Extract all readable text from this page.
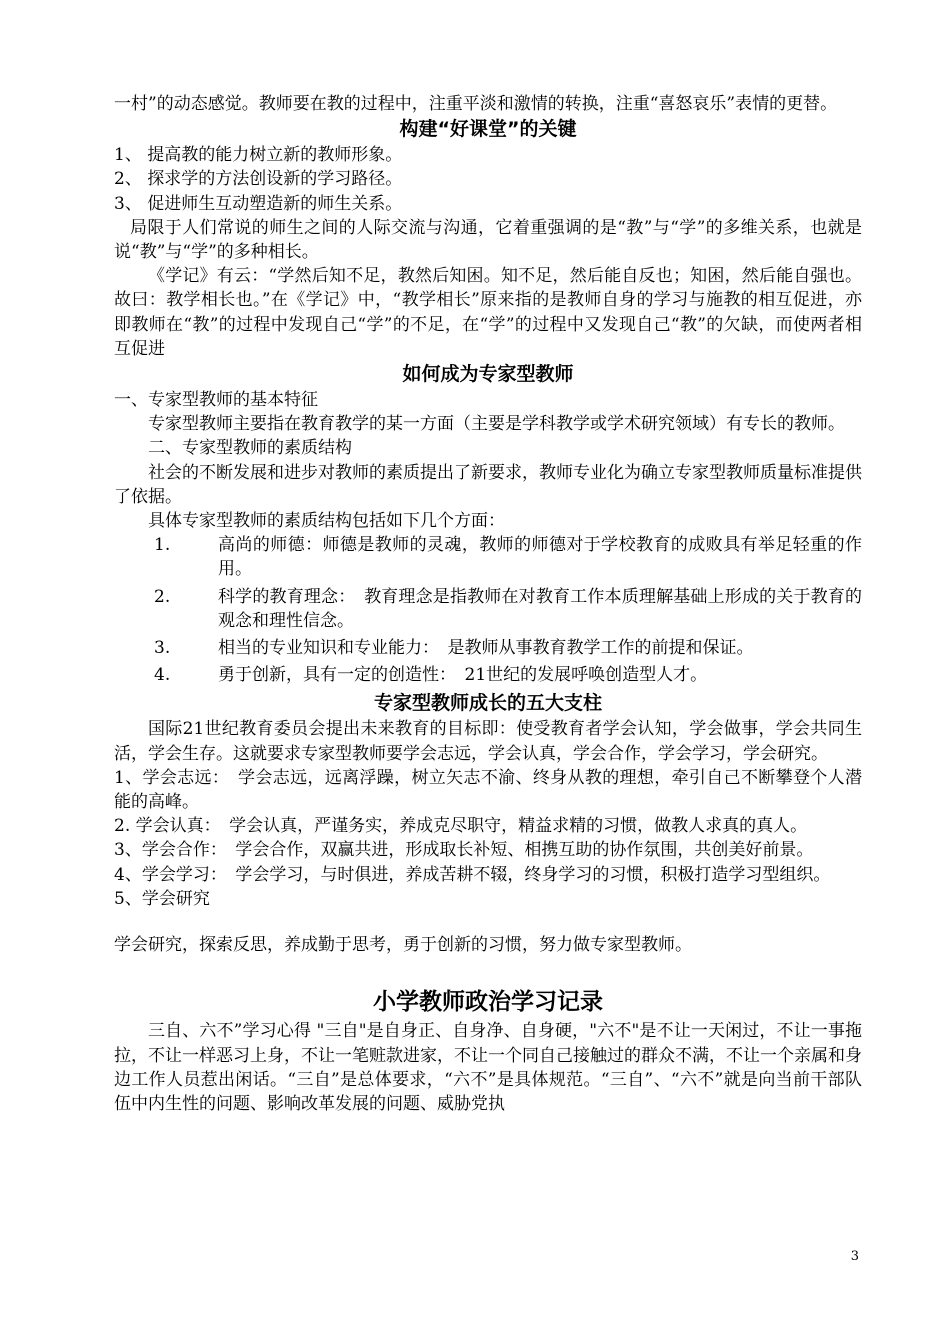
一村”的动态感觉。教师要在教的过程中，注重平淡和激情的转换，注重“喜怒哀乐”表情的更替。

构建“好课堂”的关键

1、 提高教的能力树立新的教师形象。

2、 探求学的方法创设新的学习路径。

3、 促进师生互动塑造新的师生关系。

局限于人们常说的师生之间的人际交流与沟通，它着重强调的是“教”与“学”的多维关系，也就是说“教”与“学”的多种相长。

《学记》有云：“学然后知不足，教然后知困。知不足，然后能自反也；知困，然后能自强也。故曰：教学相长也。”在《学记》中，“教学相长”原来指的是教师自身的学习与施教的相互促进，亦即教师在“教”的过程中发现自己“学”的不足，在“学”的过程中又发现自己“教”的欠缺，而使两者相互促进

如何成为专家型教师

一、专家型教师的基本特征

专家型教师主要指在教育教学的某一方面（主要是学科教学或学术研究领域）有专长的教师。

二、专家型教师的素质结构

社会的不断发展和进步对教师的素质提出了新要求，教师专业化为确立专家型教师质量标准提供了依据。

具体专家型教师的素质结构包括如下几个方面：

1.	高尚的师德：师德是教师的灵魂，教师的师德对于学校教育的成败具有举足轻重的作用。
2.	科学的教育理念：　教育理念是指教师在对教育工作本质理解基础上形成的关于教育的观念和理性信念。
3.	相当的专业知识和专业能力：　是教师从事教育教学工作的前提和保证。
4.	勇于创新，具有一定的创造性：　21世纪的发展呼唤创造型人才。
专家型教师成长的五大支柱

国际21世纪教育委员会提出未来教育的目标即：使受教育者学会认知，学会做事，学会共同生活，学会生存。这就要求专家型教师要学会志远，学会认真，学会合作，学会学习，学会研究。

1、学会志远：　学会志远，远离浮躁，树立矢志不渝、终身从教的理想，牵引自己不断攀登个人潜能的高峰。

2. 学会认真：　学会认真，严谨务实，养成克尽职守，精益求精的习惯，做教人求真的真人。

3、学会合作：　学会合作，双赢共进，形成取长补短、相携互助的协作氛围，共创美好前景。

4、学会学习：　学会学习，与时俱进，养成苦耕不辍，终身学习的习惯，积极打造学习型组织。

5、学会研究

学会研究，探索反思，养成勤于思考，勇于创新的习惯，努力做专家型教师。

小学教师政治学习记录

三自、六不”学习心得 "三自"是自身正、自身净、自身硬，"六不"是不让一天闲过，不让一事拖拉，不让一样恶习上身，不让一笔赃款进家，不让一个同自己接触过的群众不满，不让一个亲属和身边工作人员惹出闲话。“三自”是总体要求，“六不”是具体规范。“三自”、“六不”就是向当前干部队伍中内生性的问题、影响改革发展的问题、威胁党执

3
